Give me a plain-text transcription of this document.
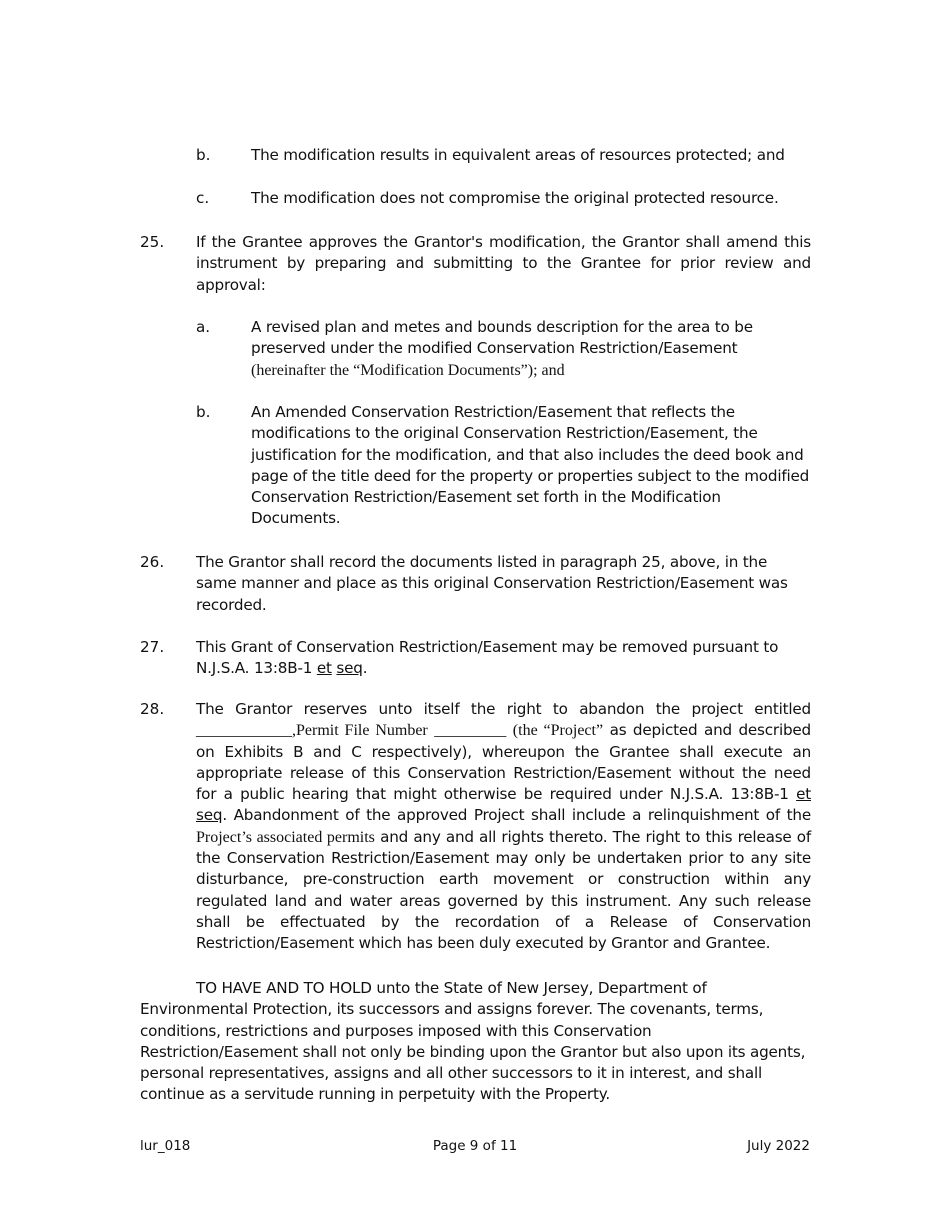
b.	The modification results in equivalent areas of resources protected; and
c.	The modification does not compromise the original protected resource.
25. If the Grantee approves the Grantor's modification, the Grantor shall amend this instrument by preparing and submitting to the Grantee for prior review and approval:
a.	A revised plan and metes and bounds description for the area to be preserved under the modified Conservation Restriction/Easement (hereinafter the “Modification Documents”); and
b.	An Amended Conservation Restriction/Easement that reflects the modifications to the original Conservation Restriction/Easement, the justification for the modification, and that also includes the deed book and page of the title deed for the property or properties subject to the modified Conservation Restriction/Easement set forth in the Modification Documents.
26. The Grantor shall record the documents listed in paragraph 25, above, in the same manner and place as this original Conservation Restriction/Easement was recorded.
27. This Grant of Conservation Restriction/Easement may be removed pursuant to N.J.S.A. 13:8B-1 et seq.
28. The Grantor reserves unto itself the right to abandon the project entitled ____________,Permit File Number _________ (the “Project” as depicted and described on Exhibits B and C respectively), whereupon the Grantee shall execute an appropriate release of this Conservation Restriction/Easement without the need for a public hearing that might otherwise be required under N.J.S.A. 13:8B-1 et seq. Abandonment of the approved Project shall include a relinquishment of the Project’s associated permits and any and all rights thereto. The right to this release of the Conservation Restriction/Easement may only be undertaken prior to any site disturbance, pre-construction earth movement or construction within any regulated land and water areas governed by this instrument. Any such release shall be effectuated by the recordation of a Release of Conservation Restriction/Easement which has been duly executed by Grantor and Grantee.
TO HAVE AND TO HOLD unto the State of New Jersey, Department of Environmental Protection, its successors and assigns forever. The covenants, terms, conditions, restrictions and purposes imposed with this Conservation Restriction/Easement shall not only be binding upon the Grantor but also upon its agents, personal representatives, assigns and all other successors to it in interest, and shall continue as a servitude running in perpetuity with the Property.
lur_018	Page 9 of 11	July 2022
